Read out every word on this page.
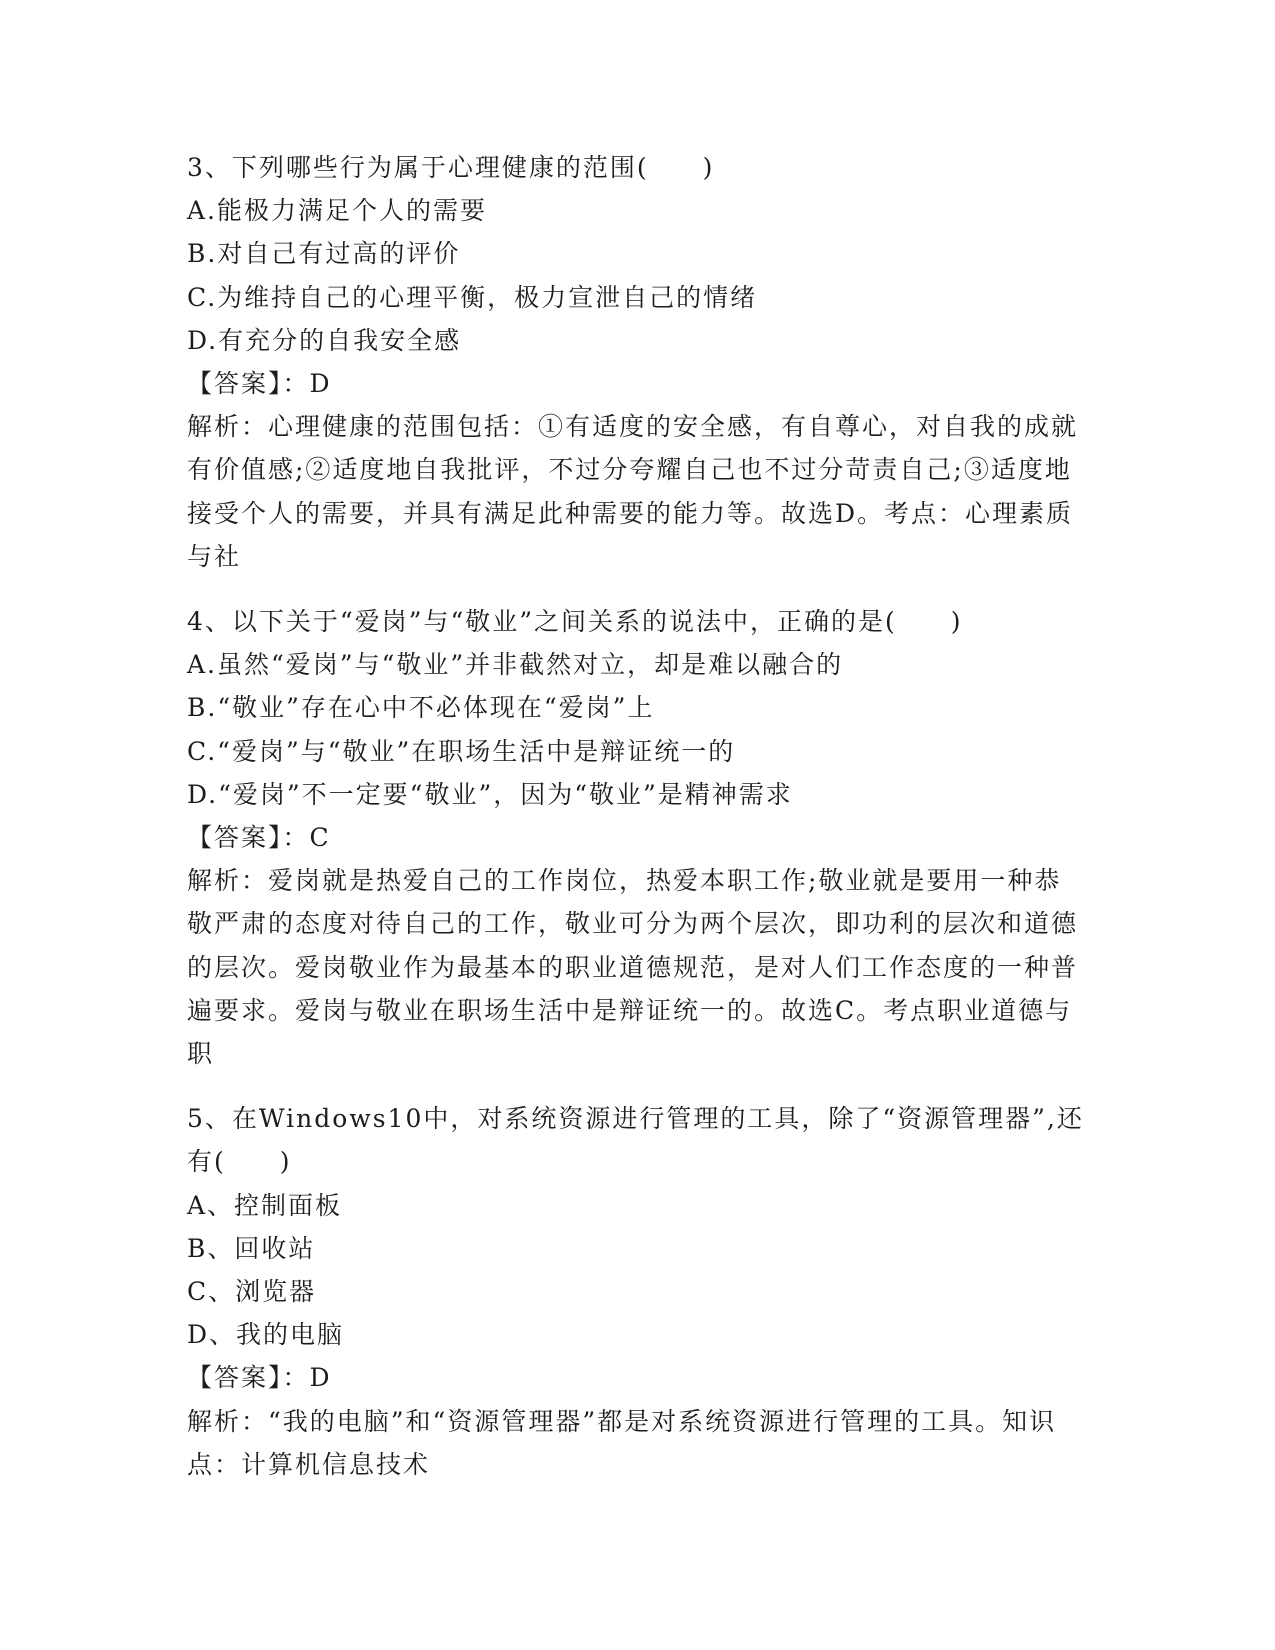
3、下列哪些行为属于心理健康的范围(　　)
A.能极力满足个人的需要
B.对自己有过高的评价
C.为维持自己的心理平衡，极力宣泄自己的情绪
D.有充分的自我安全感
【答案】：D
解析：心理健康的范围包括：①有适度的安全感，有自尊心，对自我的成就有价值感;②适度地自我批评，不过分夸耀自己也不过分苛责自己;③适度地接受个人的需要，并具有满足此种需要的能力等。故选D。考点：心理素质与社
4、以下关于“爱岗”与“敬业”之间关系的说法中，正确的是(　　)
A.虽然“爱岗”与“敬业”并非截然对立，却是难以融合的
B.“敬业”存在心中不必体现在“爱岗”上
C.“爱岗”与“敬业”在职场生活中是辩证统一的
D.“爱岗”不一定要“敬业”，因为“敬业”是精神需求
【答案】：C
解析：爱岗就是热爱自己的工作岗位，热爱本职工作;敬业就是要用一种恭敬严肃的态度对待自己的工作，敬业可分为两个层次，即功利的层次和道德的层次。爱岗敬业作为最基本的职业道德规范，是对人们工作态度的一种普遍要求。爱岗与敬业在职场生活中是辩证统一的。故选C。考点职业道德与职
5、在Windows10中，对系统资源进行管理的工具，除了“资源管理器”,还有(　　)
A、控制面板
B、回收站
C、浏览器
D、我的电脑
【答案】：D
解析：“我的电脑”和“资源管理器”都是对系统资源进行管理的工具。知识点：计算机信息技术
